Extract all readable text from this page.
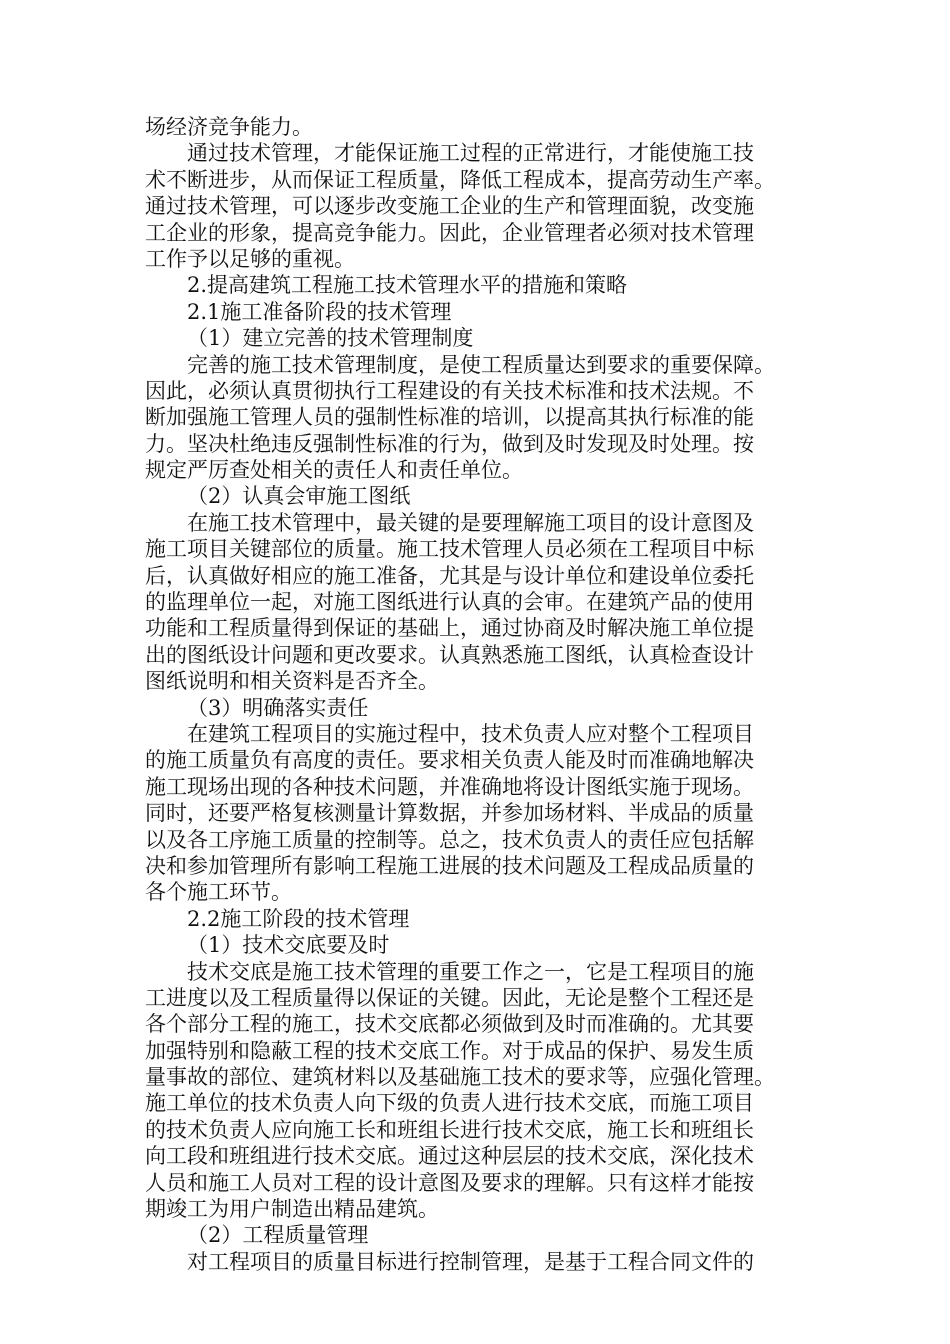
场经济竞争能力。
通过技术管理，才能保证施工过程的正常进行，才能使施工技
术不断进步，从而保证工程质量，降低工程成本，提高劳动生产率。
通过技术管理，可以逐步改变施工企业的生产和管理面貌，改变施
工企业的形象，提高竞争能力。因此，企业管理者必须对技术管理
工作予以足够的重视。
2.提高建筑工程施工技术管理水平的措施和策略
2.1施工准备阶段的技术管理
（1）建立完善的技术管理制度
完善的施工技术管理制度，是使工程质量达到要求的重要保障。
因此，必须认真贯彻执行工程建设的有关技术标准和技术法规。不
断加强施工管理人员的强制性标准的培训，以提高其执行标准的能
力。坚决杜绝违反强制性标准的行为，做到及时发现及时处理。按
规定严厉查处相关的责任人和责任单位。
（2）认真会审施工图纸
在施工技术管理中，最关键的是要理解施工项目的设计意图及
施工项目关键部位的质量。施工技术管理人员必须在工程项目中标
后，认真做好相应的施工准备，尤其是与设计单位和建设单位委托
的监理单位一起，对施工图纸进行认真的会审。在建筑产品的使用
功能和工程质量得到保证的基础上，通过协商及时解决施工单位提
出的图纸设计问题和更改要求。认真熟悉施工图纸，认真检查设计
图纸说明和相关资料是否齐全。
（3）明确落实责任
在建筑工程项目的实施过程中，技术负责人应对整个工程项目
的施工质量负有高度的责任。要求相关负责人能及时而准确地解决
施工现场出现的各种技术问题，并准确地将设计图纸实施于现场。
同时，还要严格复核测量计算数据，并参加场材料、半成品的质量
以及各工序施工质量的控制等。总之，技术负责人的责任应包括解
决和参加管理所有影响工程施工进展的技术问题及工程成品质量的
各个施工环节。
2.2施工阶段的技术管理
（1）技术交底要及时
技术交底是施工技术管理的重要工作之一，它是工程项目的施
工进度以及工程质量得以保证的关键。因此，无论是整个工程还是
各个部分工程的施工，技术交底都必须做到及时而准确的。尤其要
加强特别和隐蔽工程的技术交底工作。对于成品的保护、易发生质
量事故的部位、建筑材料以及基础施工技术的要求等，应强化管理。
施工单位的技术负责人向下级的负责人进行技术交底，而施工项目
的技术负责人应向施工长和班组长进行技术交底，施工长和班组长
向工段和班组进行技术交底。通过这种层层的技术交底，深化技术
人员和施工人员对工程的设计意图及要求的理解。只有这样才能按
期竣工为用户制造出精品建筑。
（2）工程质量管理
对工程项目的质量目标进行控制管理，是基于工程合同文件的
